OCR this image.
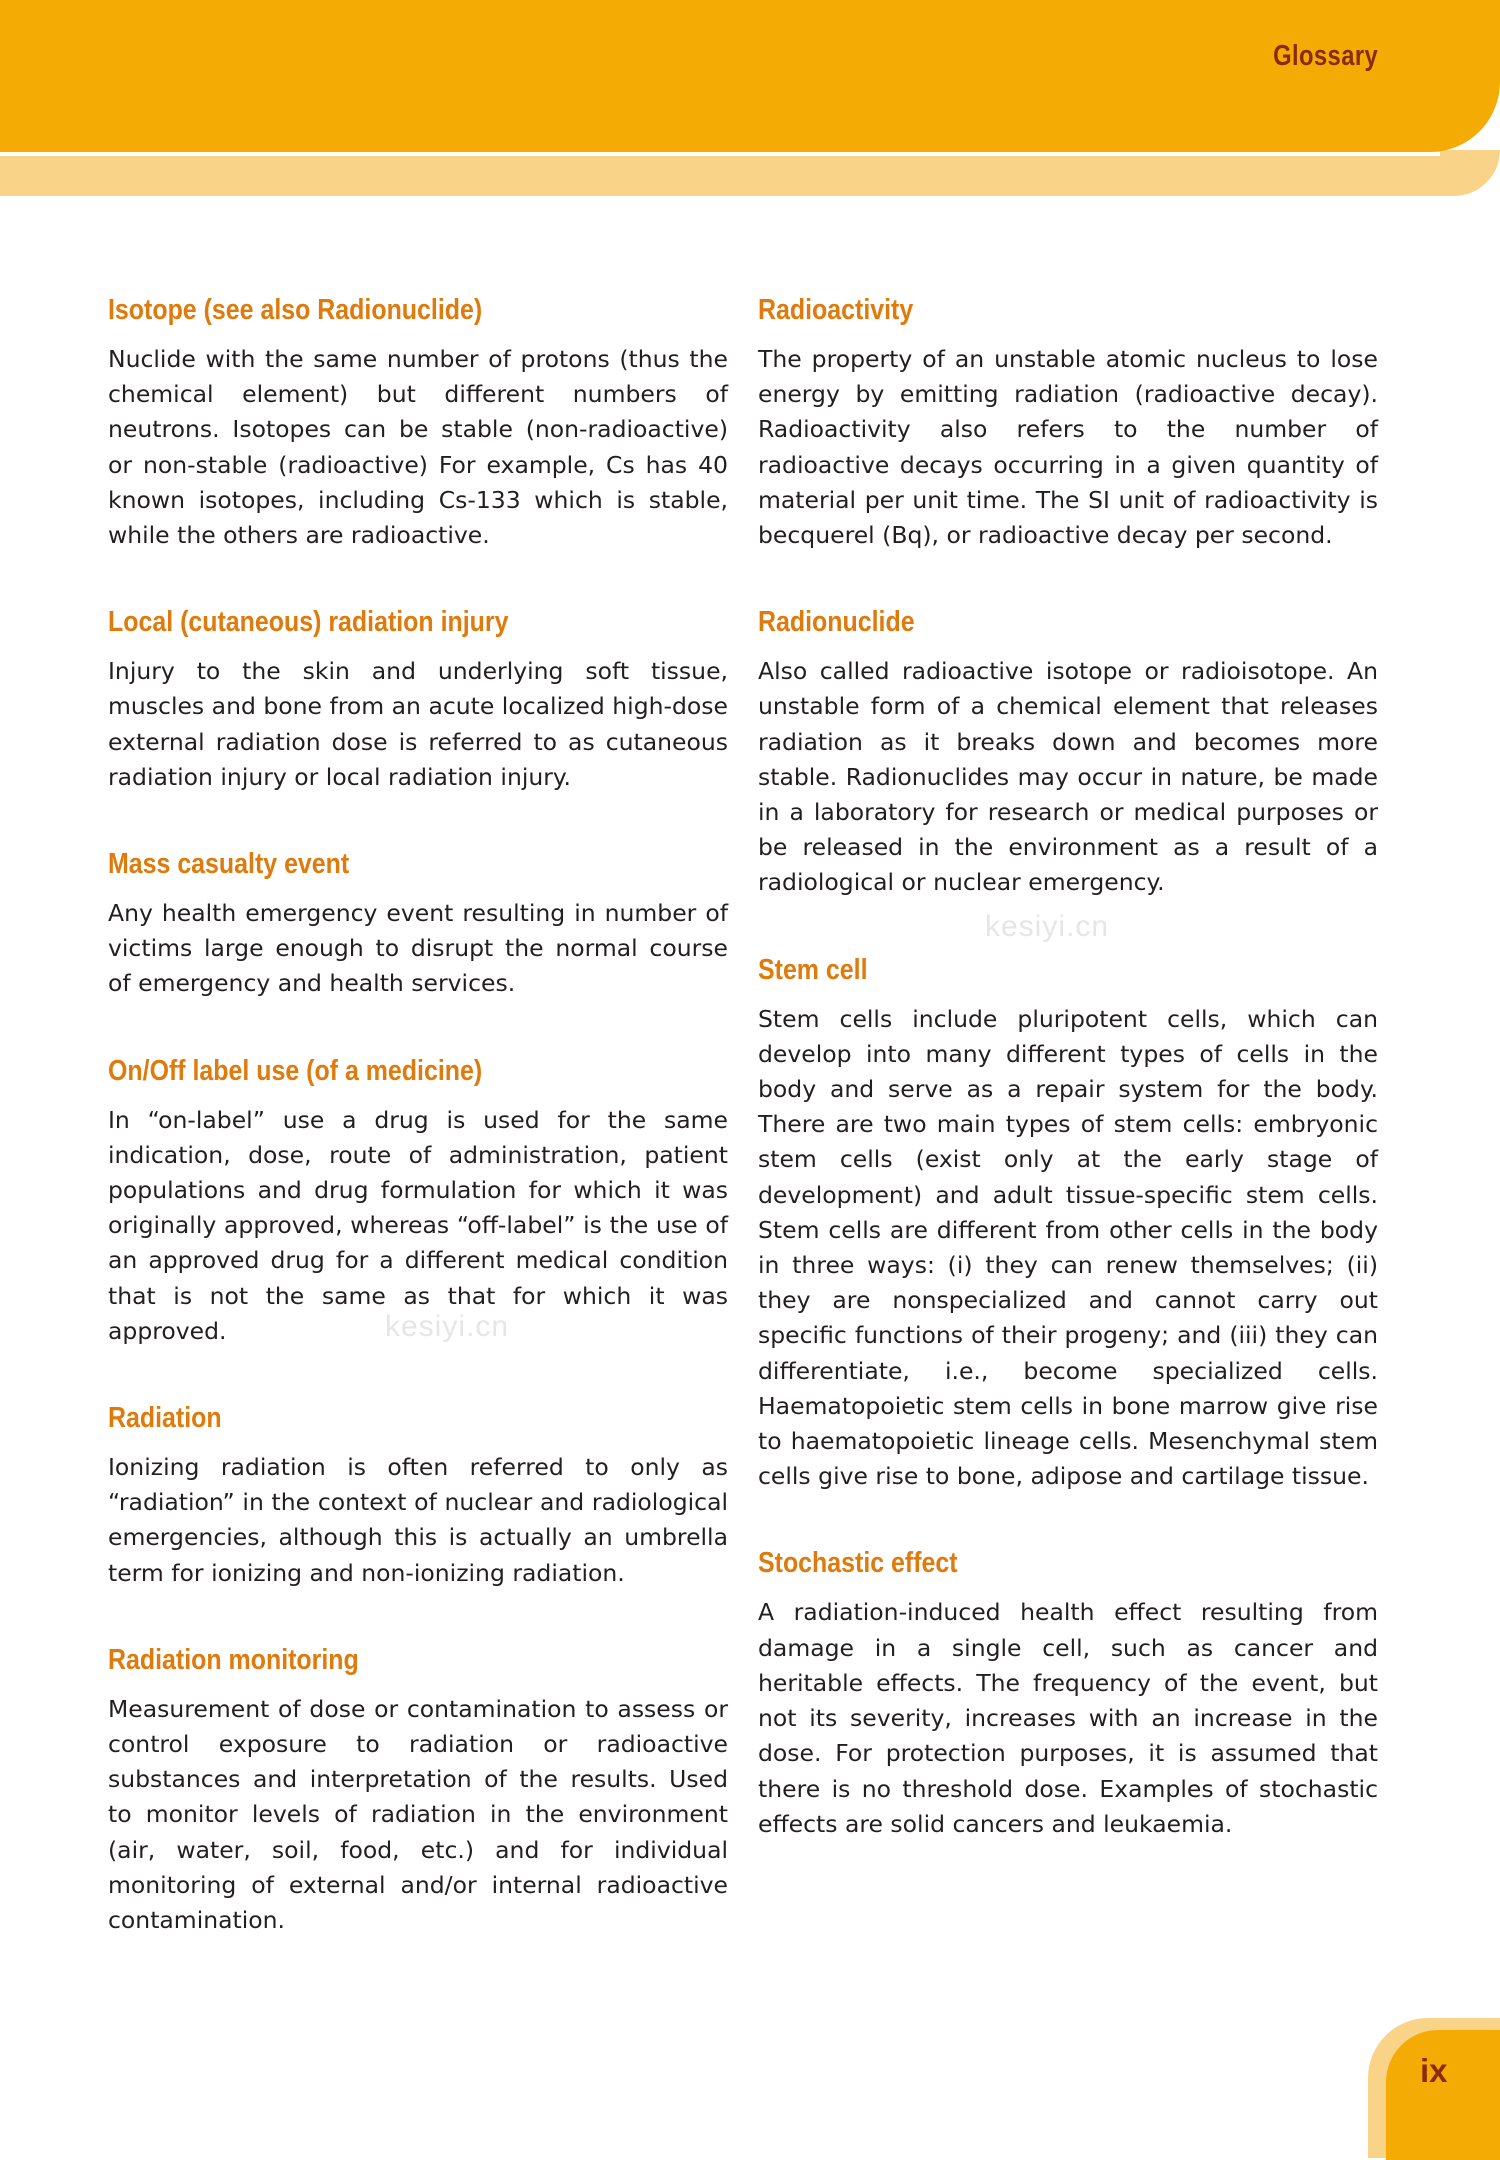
Glossary
kesiyi.cn
kesiyi.cn
Isotope (see also Radionuclide)

Nuclide with the same number of protons (thus the chemical element) but different numbers of neutrons. Isotopes can be stable (non-radioactive) or non-stable (radioactive) For example, Cs has 40 known isotopes, including Cs-133 which is stable, while the others are radioactive.

Local (cutaneous) radiation injury

Injury to the skin and underlying soft tissue, muscles and bone from an acute localized high-dose external radiation dose is referred to as cutaneous radiation injury or local radiation injury.

Mass casualty event

Any health emergency event resulting in number of victims large enough to disrupt the normal course of emergency and health services.

On/Off label use (of a medicine)

In “on-label” use a drug is used for the same indication, dose, route of administration, patient populations and drug formulation for which it was originally approved, whereas “off-label” is the use of an approved drug for a different medical condition that is not the same as that for which it was approved.

Radiation

Ionizing radiation is often referred to only as “radiation” in the context of nuclear and radiological emergencies, although this is actually an umbrella term for ionizing and non-ionizing radiation.

Radiation monitoring

Measurement of dose or contamination to assess or control exposure to radiation or radioactive substances and interpretation of the results. Used to monitor levels of radiation in the environment (air, water, soil, food, etc.) and for individual monitoring of external and/or internal radioactive contamination.

Radioactivity

The property of an unstable atomic nucleus to lose energy by emitting radiation (radioactive decay). Radioactivity also refers to the number of radioactive decays occurring in a given quantity of material per unit time. The SI unit of radioactivity is becquerel (Bq), or radioactive decay per second.

Radionuclide

Also called radioactive isotope or radioisotope. An unstable form of a chemical element that releases radiation as it breaks down and becomes more stable. Radionuclides may occur in nature, be made in a laboratory for research or medical purposes or be released in the environment as a result of a radiological or nuclear emergency.

Stem cell

Stem cells include pluripotent cells, which can develop into many different types of cells in the body and serve as a repair system for the body. There are two main types of stem cells: embryonic stem cells (exist only at the early stage of development) and adult tissue-specific stem cells. Stem cells are different from other cells in the body in three ways: (i) they can renew themselves; (ii) they are nonspecialized and cannot carry out specific functions of their progeny; and (iii) they can differentiate, i.e., become specialized cells. Haematopoietic stem cells in bone marrow give rise to haematopoietic lineage cells. Mesenchymal stem cells give rise to bone, adipose and cartilage tissue.

Stochastic effect

A radiation-induced health effect resulting from damage in a single cell, such as cancer and heritable effects. The frequency of the event, but not its severity, increases with an increase in the dose. For protection purposes, it is assumed that there is no threshold dose. Examples of stochastic effects are solid cancers and leukaemia.

ix
